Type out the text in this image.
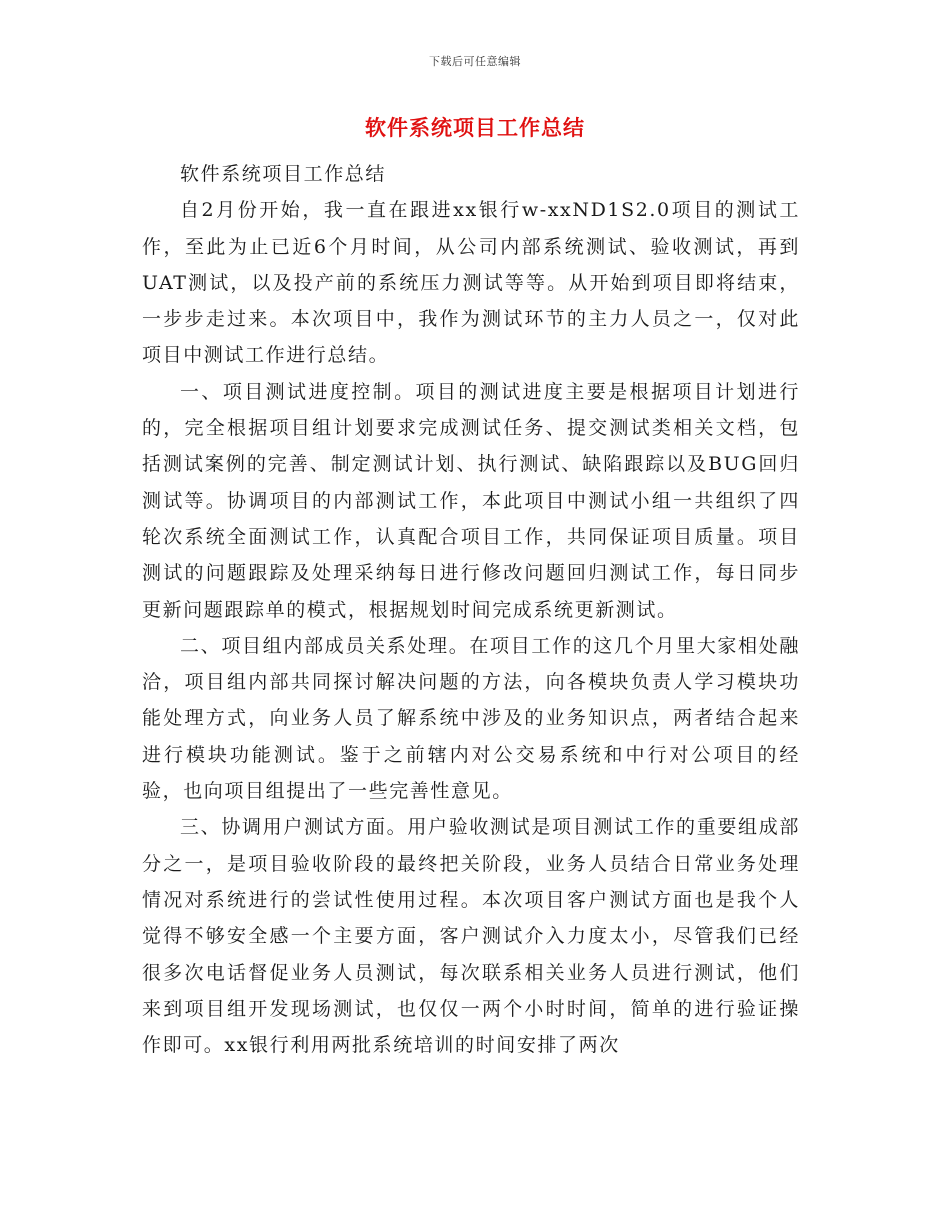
下载后可任意编辑
软件系统项目工作总结

软件系统项目工作总结

自2月份开始，我一直在跟进xx银行w-xxND1S2.0项目的测试工作，至此为止已近6个月时间，从公司内部系统测试、验收测试，再到UAT测试，以及投产前的系统压力测试等等。从开始到项目即将结束，一步步走过来。本次项目中，我作为测试环节的主力人员之一，仅对此项目中测试工作进行总结。

一、项目测试进度控制。项目的测试进度主要是根据项目计划进行的，完全根据项目组计划要求完成测试任务、提交测试类相关文档，包括测试案例的完善、制定测试计划、执行测试、缺陷跟踪以及BUG回归测试等。协调项目的内部测试工作，本此项目中测试小组一共组织了四轮次系统全面测试工作，认真配合项目工作，共同保证项目质量。项目测试的问题跟踪及处理采纳每日进行修改问题回归测试工作，每日同步更新问题跟踪单的模式，根据规划时间完成系统更新测试。

二、项目组内部成员关系处理。在项目工作的这几个月里大家相处融洽，项目组内部共同探讨解决问题的方法，向各模块负责人学习模块功能处理方式，向业务人员了解系统中涉及的业务知识点，两者结合起来进行模块功能测试。鉴于之前辖内对公交易系统和中行对公项目的经验，也向项目组提出了一些完善性意见。

三、协调用户测试方面。用户验收测试是项目测试工作的重要组成部分之一，是项目验收阶段的最终把关阶段，业务人员结合日常业务处理情况对系统进行的尝试性使用过程。本次项目客户测试方面也是我个人觉得不够安全感一个主要方面，客户测试介入力度太小，尽管我们已经很多次电话督促业务人员测试，每次联系相关业务人员进行测试，他们来到项目组开发现场测试，也仅仅一两个小时时间，简单的进行验证操作即可。xx银行利用两批系统培训的时间安排了两次
